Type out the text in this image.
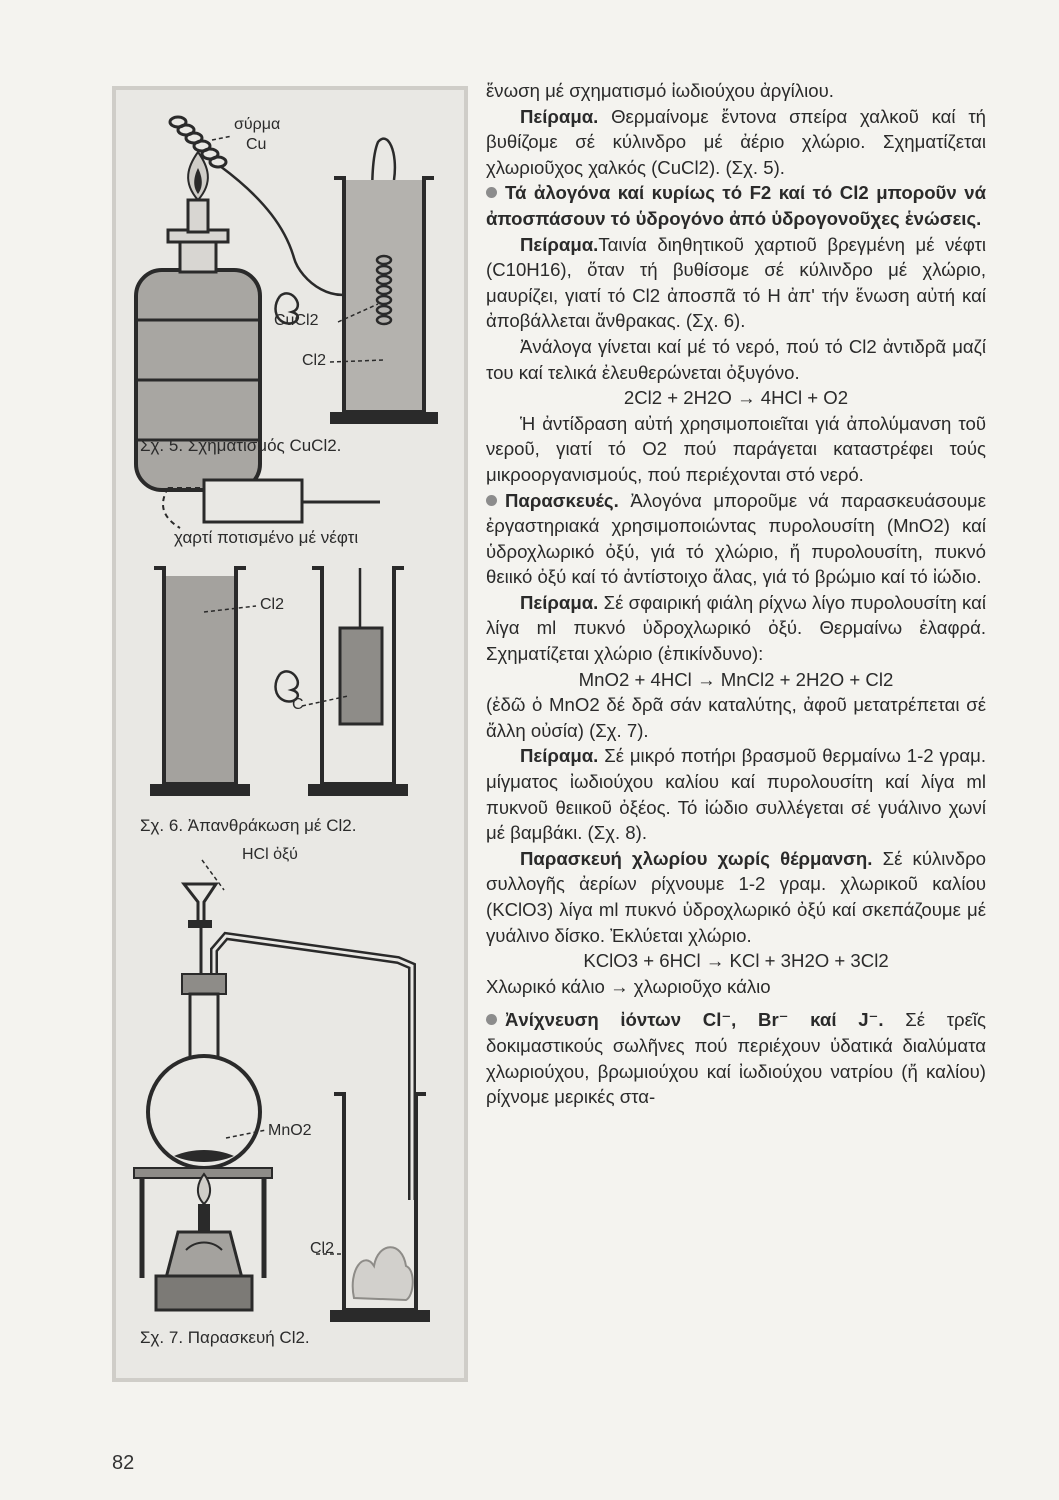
σύρμα
Cu
CuCl2
Cl2
Σχ. 5. Σχηματισμός CuCl2.
χαρτί ποτισμένο μέ νέφτι
Cl2
C
Σχ. 6. Ἀπανθράκωση μέ Cl2.
HCl ὀξύ
MnO2
Cl2
Σχ. 7. Παρασκευή Cl2.

ἕνωση μέ σχηματισμό ἰωδιούχου ἀργίλιου.

Πείραμα. Θερμαίνομε ἔντονα σπείρα χαλκοῦ καί τή βυθίζομε σέ κύλινδρο μέ ἀέριο χλώριο. Σχηματίζεται χλωριοῦχος χαλκός (CuCl2). (Σχ. 5).

Τά ἀλογόνα καί κυρίως τό F2 καί τό Cl2 μποροῦν νά ἀποσπάσουν τό ὑδρογόνο ἀπό ὑδρογονοῦχες ἑνώσεις.

Πείραμα.Ταινία διηθητικοῦ χαρτιοῦ βρεγμένη μέ νέφτι (C10H16), ὅταν τή βυθίσομε σέ κύλινδρο μέ χλώριο, μαυρίζει, γιατί τό Cl2 ἀποσπᾶ τό Η ἀπ' τήν ἕνωση αὐτή καί ἀποβάλλεται ἄνθρακας. (Σχ. 6).

Ἀνάλογα γίνεται καί μέ τό νερό, πού τό Cl2 ἀντιδρᾶ μαζί του καί τελικά ἐλευθερώνεται ὀξυγόνο.

2Cl2 + 2H2O → 4HCl + O2

Ἡ ἀντίδραση αὐτή χρησιμοποιεῖται γιά ἀπολύμανση τοῦ νεροῦ, γιατί τό O2 πού παράγεται καταστρέφει τούς μικροοργανισμούς, πού περιέχονται στό νερό.

Παρασκευές. Ἀλογόνα μποροῦμε νά παρασκευάσουμε ἐργαστηριακά χρησιμοποιώντας πυρολουσίτη (MnO2) καί ὑδροχλωρικό ὀξύ, γιά τό χλώριο, ἤ πυρολουσίτη, πυκνό θειικό ὀξύ καί τό ἀντίστοιχο ἅλας, γιά τό βρώμιο καί τό ἰώδιο.

Πείραμα. Σέ σφαιρική φιάλη ρίχνω λίγο πυρολουσίτη καί λίγα ml πυκνό ὑδροχλωρικό ὀξύ. Θερμαίνω ἐλαφρά. Σχηματίζεται χλώριο (ἐπικίνδυνο):

MnO2 + 4HCl → MnCl2 + 2H2O + Cl2

(ἐδῶ ὁ MnO2 δέ δρᾶ σάν καταλύτης, ἀφοῦ μετατρέπεται σέ ἄλλη οὐσία) (Σχ. 7).

Πείραμα. Σέ μικρό ποτήρι βρασμοῦ θερμαίνω 1-2 γραμ. μίγματος ἰωδιούχου καλίου καί πυρολουσίτη καί λίγα ml πυκνοῦ θειικοῦ ὀξέος. Τό ἰώδιο συλλέγεται σέ γυάλινο χωνί μέ βαμβάκι. (Σχ. 8).

Παρασκευή χλωρίου χωρίς θέρμανση. Σέ κύλινδρο συλλογῆς ἀερίων ρίχνουμε 1-2 γραμ. χλωρικοῦ καλίου (KClO3) λίγα ml πυκνό ὑδροχλωρικό ὀξύ καί σκεπάζουμε μέ γυάλινο δίσκο. Ἐκλύεται χλώριο.

KClO3 + 6HCl → KCl + 3H2O + 3Cl2

Χλωρικό κάλιο → χλωριοῦχο κάλιο

Ἀνίχνευση ἰόντων Cl⁻, Br⁻ καί J⁻. Σέ τρεῖς δοκιμαστικούς σωλῆνες πού περιέχουν ὑδατικά διαλύματα χλωριούχου, βρωμιούχου καί ἰωδιούχου νατρίου (ἤ καλίου) ρίχνομε μερικές στα-

82
